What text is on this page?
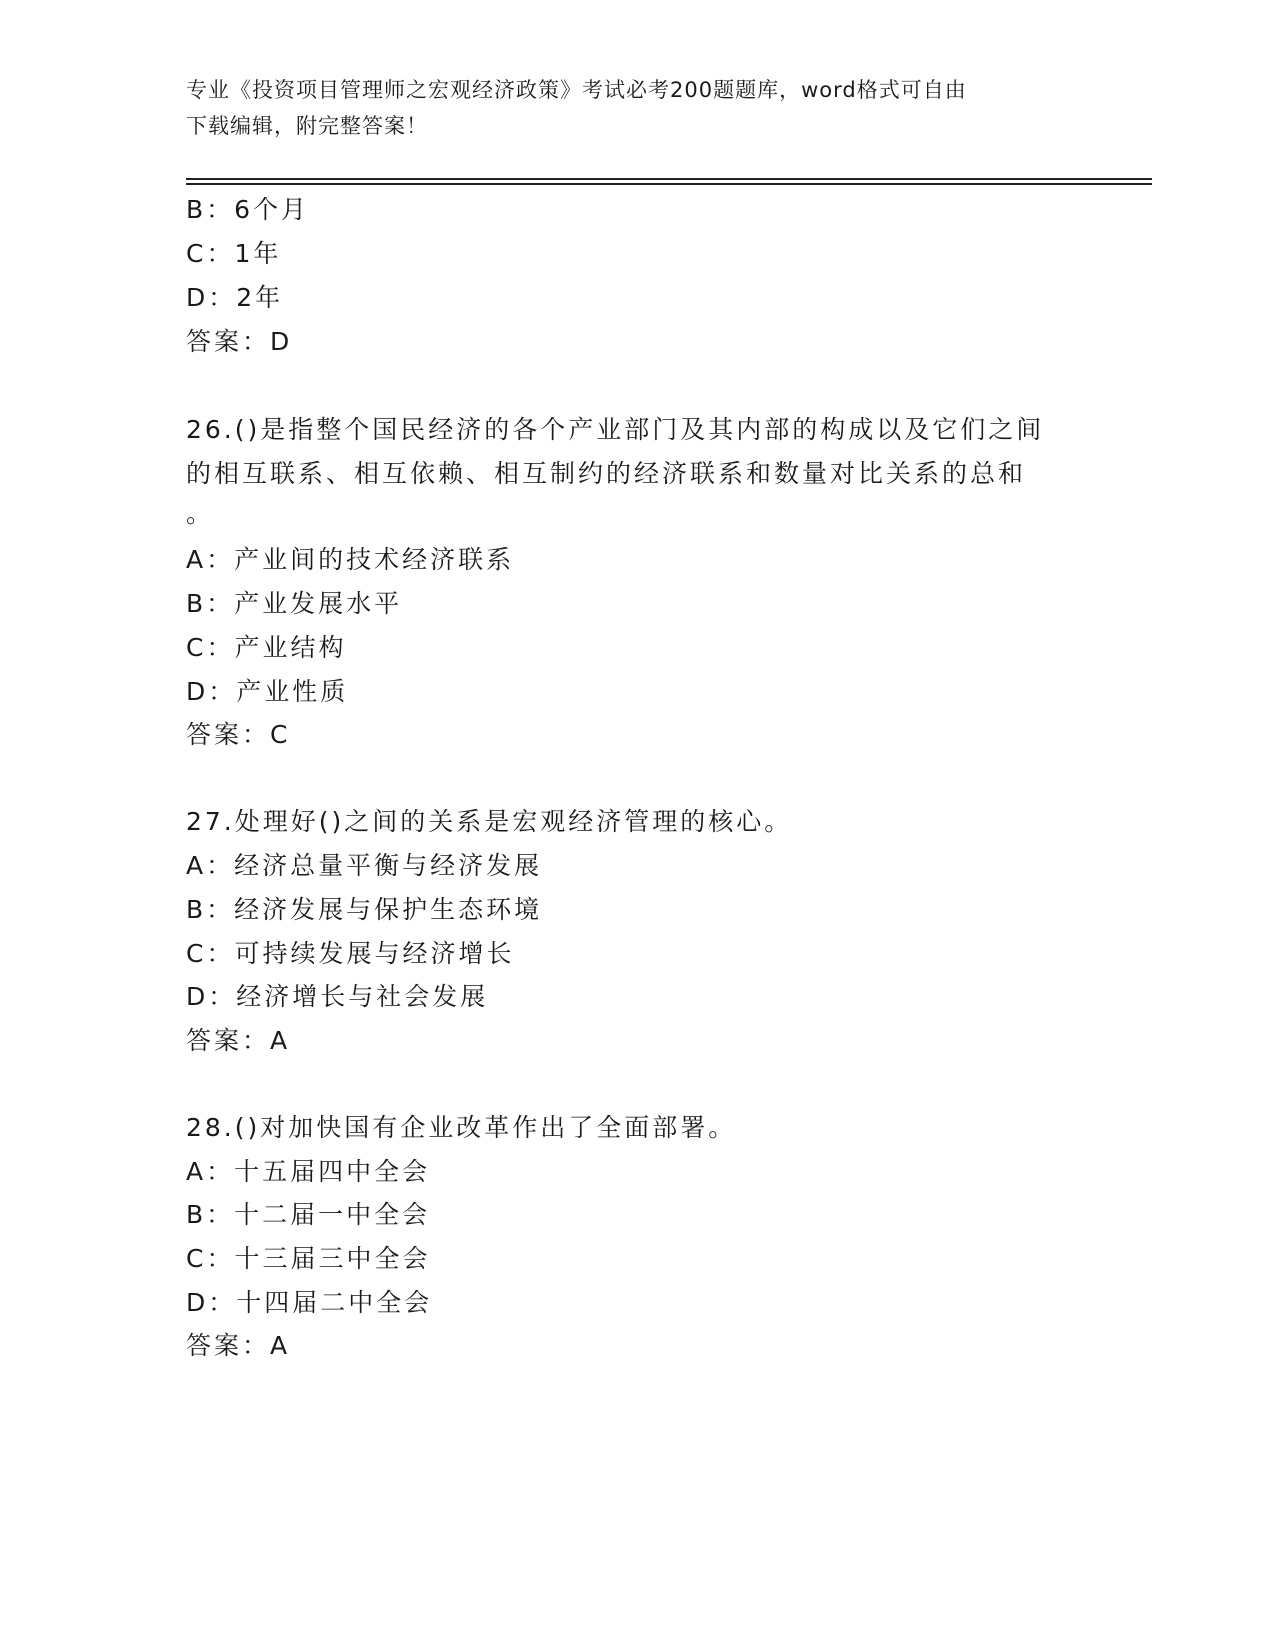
专业《投资项目管理师之宏观经济政策》考试必考200题题库，word格式可自由
下载编辑，附完整答案！
B：6个月
C：1年
D：2年
答案：D
26.()是指整个国民经济的各个产业部门及其内部的构成以及它们之间
的相互联系、相互依赖、相互制约的经济联系和数量对比关系的总和
。
A：产业间的技术经济联系
B：产业发展水平
C：产业结构
D：产业性质
答案：C
27.处理好()之间的关系是宏观经济管理的核心。
A：经济总量平衡与经济发展
B：经济发展与保护生态环境
C：可持续发展与经济增长
D：经济增长与社会发展
答案：A
28.()对加快国有企业改革作出了全面部署。
A：十五届四中全会
B：十二届一中全会
C：十三届三中全会
D：十四届二中全会
答案：A
